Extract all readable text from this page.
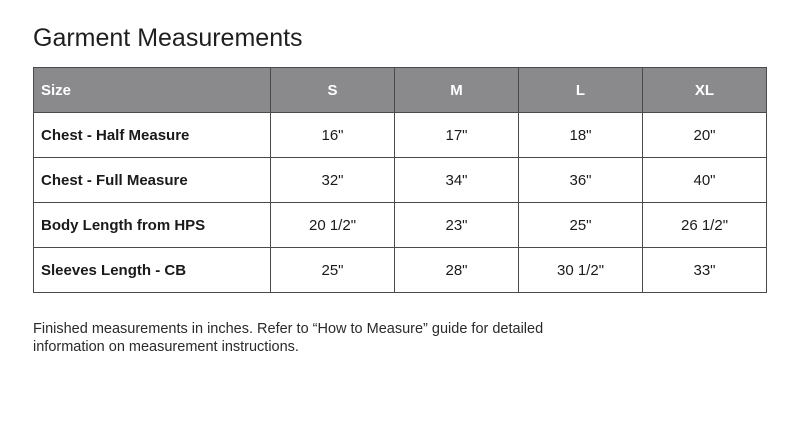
Garment Measurements
Size	S	M	L	XL
Chest - Half Measure	16"	17"	18"	20"
Chest - Full Measure	32"	34"	36"	40"
Body Length from HPS	20 1/2"	23"	25"	26 1/2"
Sleeves Length - CB	25"	28"	30 1/2"	33"

Finished measurements in inches. Refer to “How to Measure” guide for detailed
information on measurement instructions.
